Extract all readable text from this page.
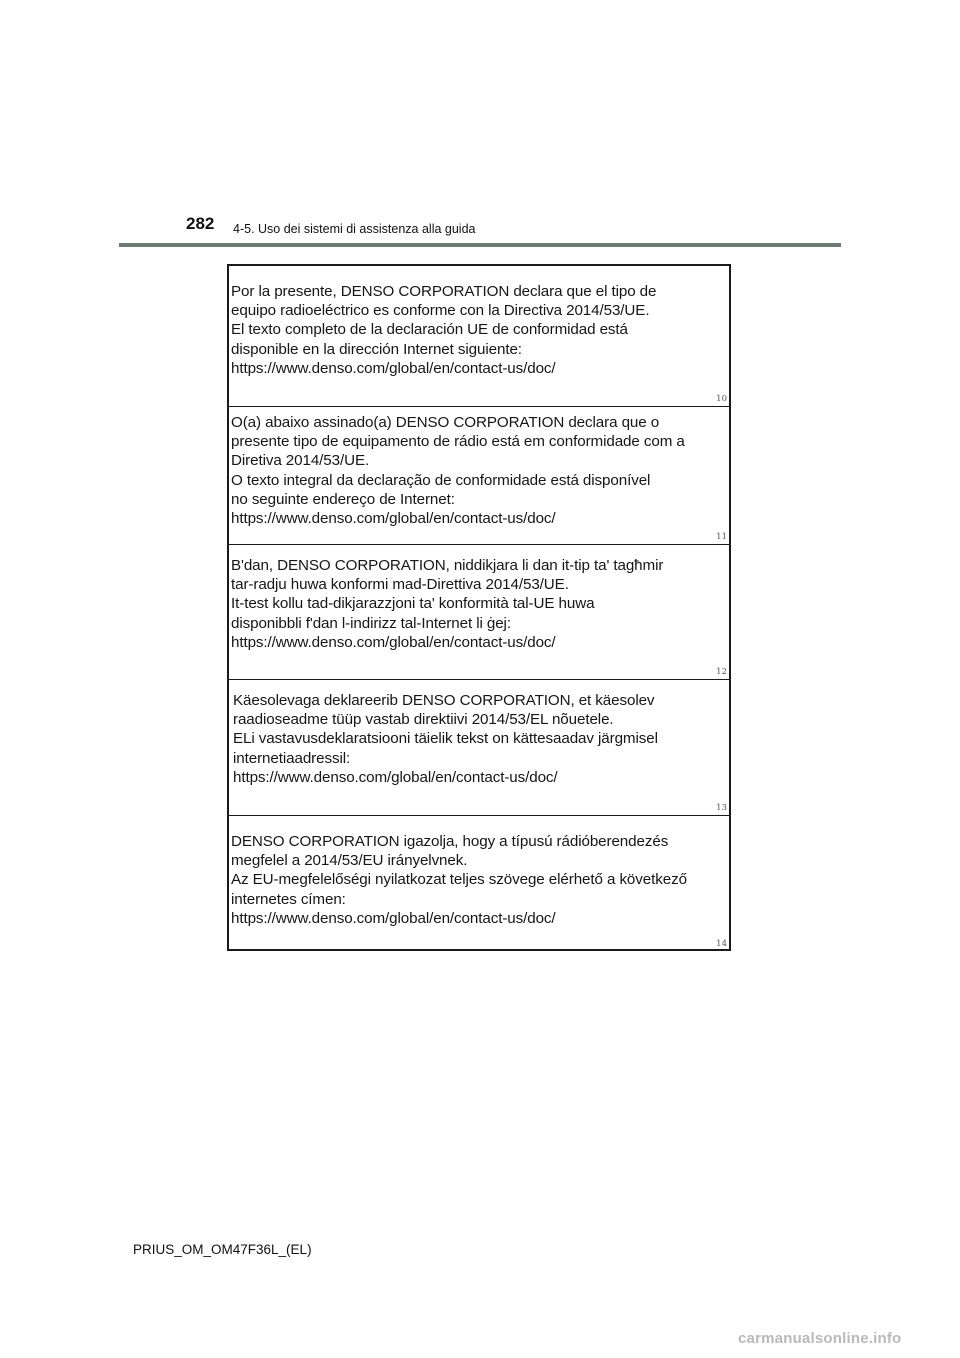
282 4-5. Uso dei sistemi di assistenza alla guida
Por la presente, DENSO CORPORATION declara que el tipo de
equipo radioeléctrico es conforme con la Directiva 2014/53/UE.
El texto completo de la declaración UE de conformidad está
disponible en la dirección Internet siguiente:
https://www.denso.com/global/en/contact-us/doc/
10
O(a) abaixo assinado(a) DENSO CORPORATION declara que o
presente tipo de equipamento de rádio está em conformidade com a
Diretiva 2014/53/UE.
O texto integral da declaração de conformidade está disponível
no seguinte endereço de Internet:
https://www.denso.com/global/en/contact-us/doc/
11
B'dan, DENSO CORPORATION, niddikjara li dan it-tip ta' tagħmir
tar-radju huwa konformi mad-Direttiva 2014/53/UE.
It-test kollu tad-dikjarazzjoni ta' konformità tal-UE huwa
disponibbli f'dan l-indirizz tal-Internet li ġej:
https://www.denso.com/global/en/contact-us/doc/
12
Käesolevaga deklareerib DENSO CORPORATION, et käesolev
raadioseadme tüüp vastab direktiivi 2014/53/EL nõuetele.
ELi vastavusdeklaratsiooni täielik tekst on kättesaadav järgmisel
internetiaadressil:
https://www.denso.com/global/en/contact-us/doc/
13
DENSO CORPORATION igazolja, hogy a típusú rádióberendezés
megfelel a 2014/53/EU irányelvnek.
Az EU-megfelelőségi nyilatkozat teljes szövege elérhető a következő
internetes címen:
https://www.denso.com/global/en/contact-us/doc/
14
PRIUS_OM_OM47F36L_(EL)
carmanualsonline.info
